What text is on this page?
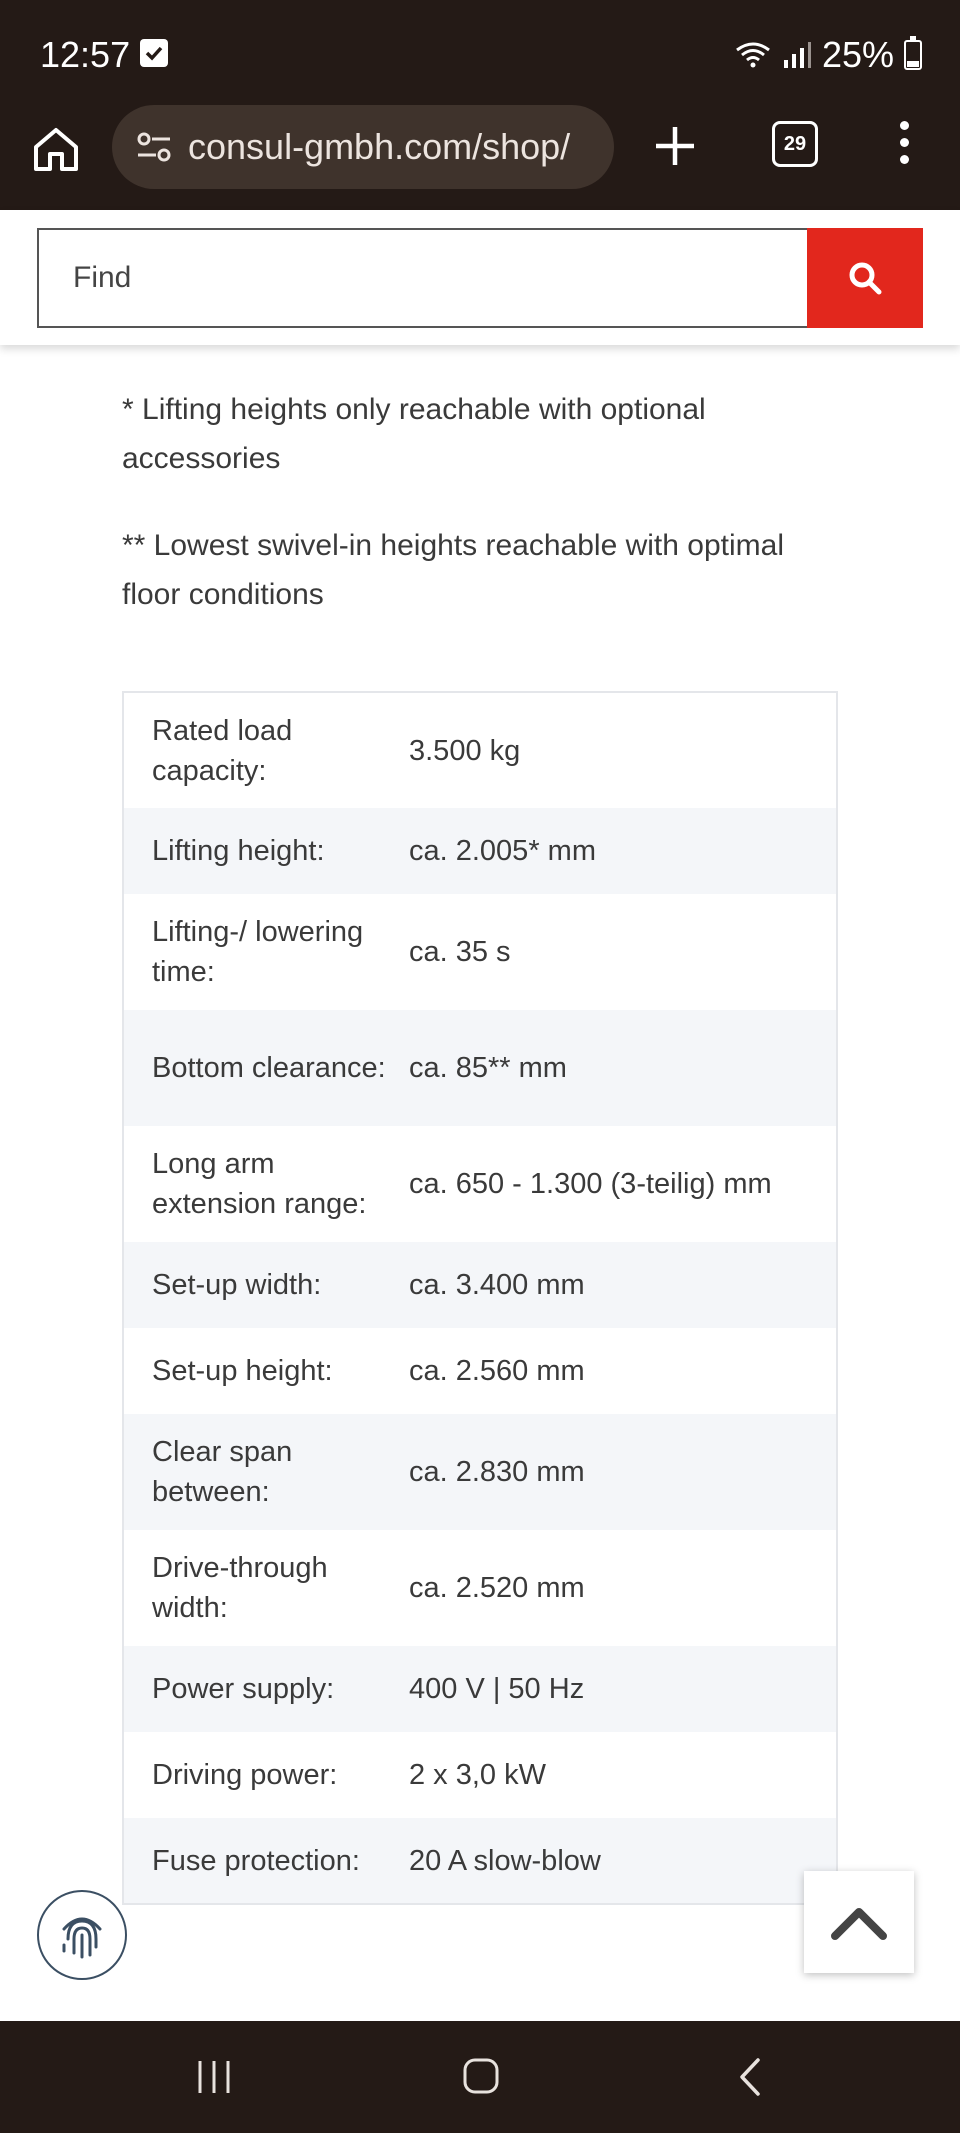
12:57	25%
consul-gmbh.com/shop/	29
Find

* Lifting heights only reachable with optional accessories

** Lowest swivel-in heights reachable with optimal floor conditions

Rated load capacity:	3.500 kg
Lifting height:	ca. 2.005* mm
Lifting-/ lowering time:	ca. 35 s
Bottom clearance:	ca. 85** mm
Long arm extension range:	ca. 650 - 1.300 (3-teilig) mm
Set-up width:	ca. 3.400 mm
Set-up height:	ca. 2.560 mm
Clear span between:	ca. 2.830 mm
Drive-through width:	ca. 2.520 mm
Power supply:	400 V | 50 Hz
Driving power:	2 x 3,0 kW
Fuse protection:	20 A slow-blow
